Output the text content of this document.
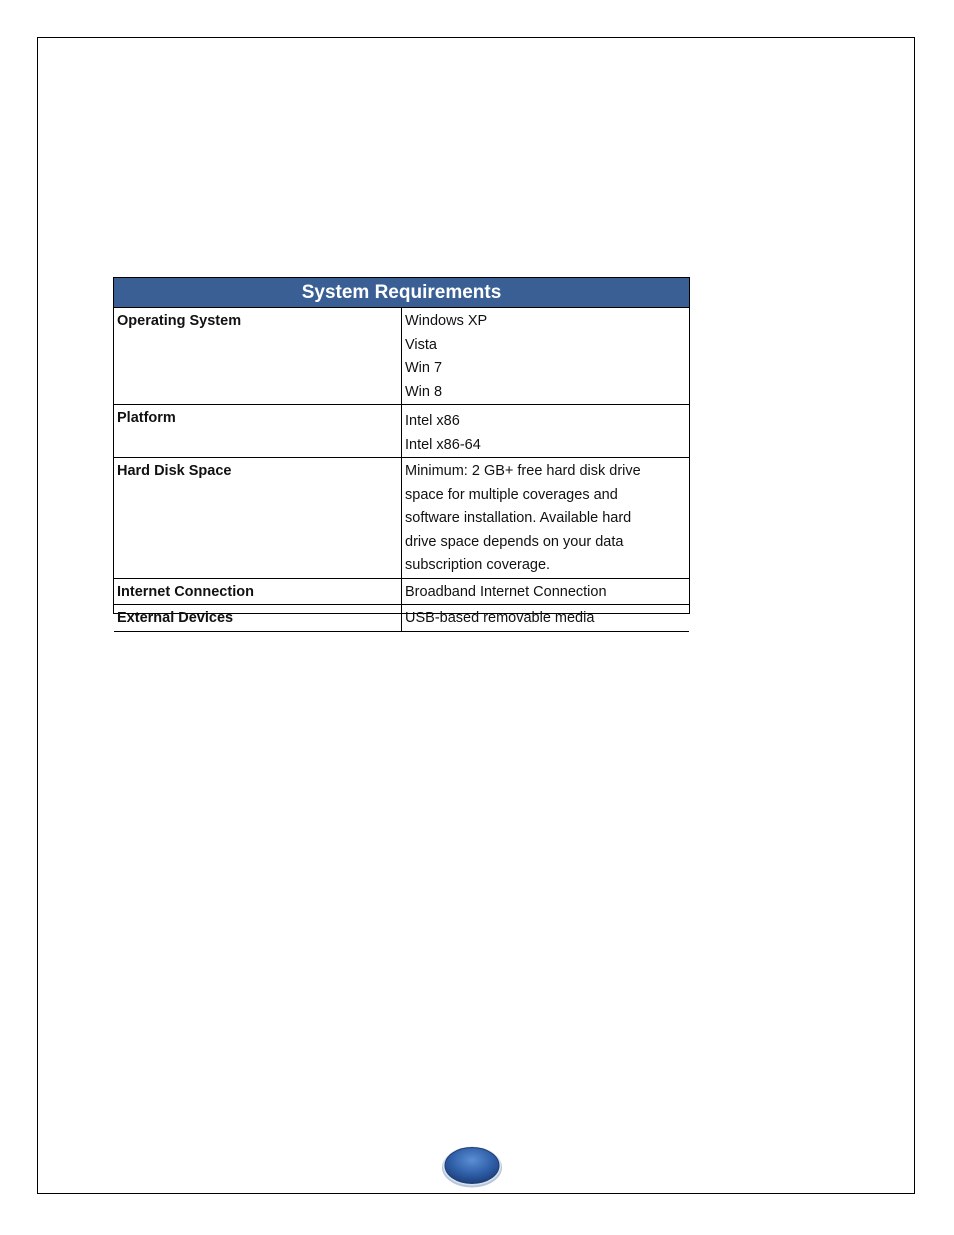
System Requirements	
Operating System	Windows XP
Vista
Win 7
Win 8

Platform	Intel x86
Intel x86-64

Hard Disk Space	Minimum: 2 GB+ free hard disk drive
space for multiple coverages and
software installation. Available hard
drive space depends on your data
subscription coverage.

Internet Connection	Broadband Internet Connection

External Devices	USB-based removable media
